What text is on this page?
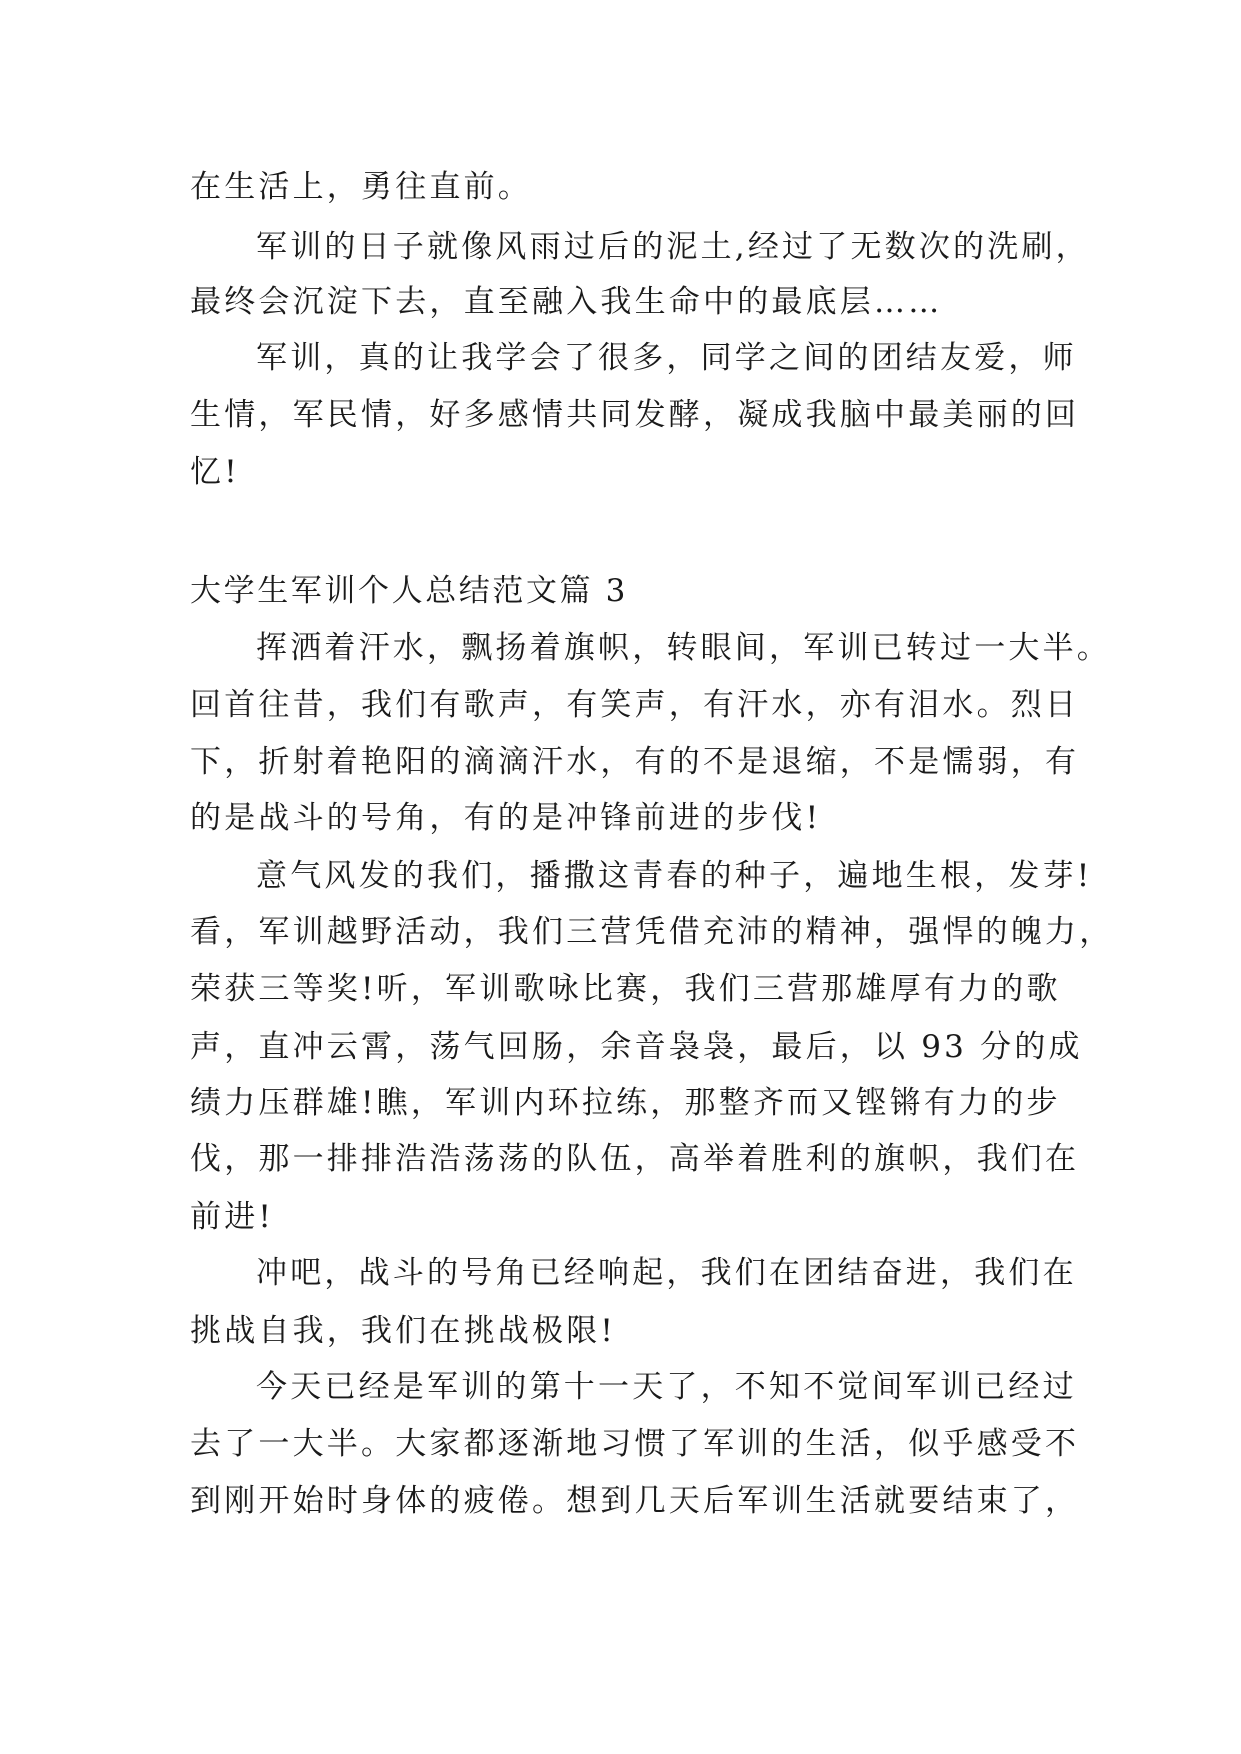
在生活上，勇往直前。
军训的日子就像风雨过后的泥土,经过了无数次的洗刷，
最终会沉淀下去，直至融入我生命中的最底层……
军训，真的让我学会了很多，同学之间的团结友爱，师
生情，军民情，好多感情共同发酵，凝成我脑中最美丽的回
忆!
大学生军训个人总结范文篇 3
挥洒着汗水，飘扬着旗帜，转眼间，军训已转过一大半。
回首往昔，我们有歌声，有笑声，有汗水，亦有泪水。烈日
下，折射着艳阳的滴滴汗水，有的不是退缩，不是懦弱，有
的是战斗的号角，有的是冲锋前进的步伐!
意气风发的我们，播撒这青春的种子，遍地生根，发芽!
看，军训越野活动，我们三营凭借充沛的精神，强悍的魄力，
荣获三等奖!听，军训歌咏比赛，我们三营那雄厚有力的歌
声，直冲云霄，荡气回肠，余音袅袅，最后，以 93 分的成
绩力压群雄!瞧，军训内环拉练，那整齐而又铿锵有力的步
伐，那一排排浩浩荡荡的队伍，高举着胜利的旗帜，我们在
前进!
冲吧，战斗的号角已经响起，我们在团结奋进，我们在
挑战自我，我们在挑战极限!
今天已经是军训的第十一天了，不知不觉间军训已经过
去了一大半。大家都逐渐地习惯了军训的生活，似乎感受不
到刚开始时身体的疲倦。想到几天后军训生活就要结束了，
